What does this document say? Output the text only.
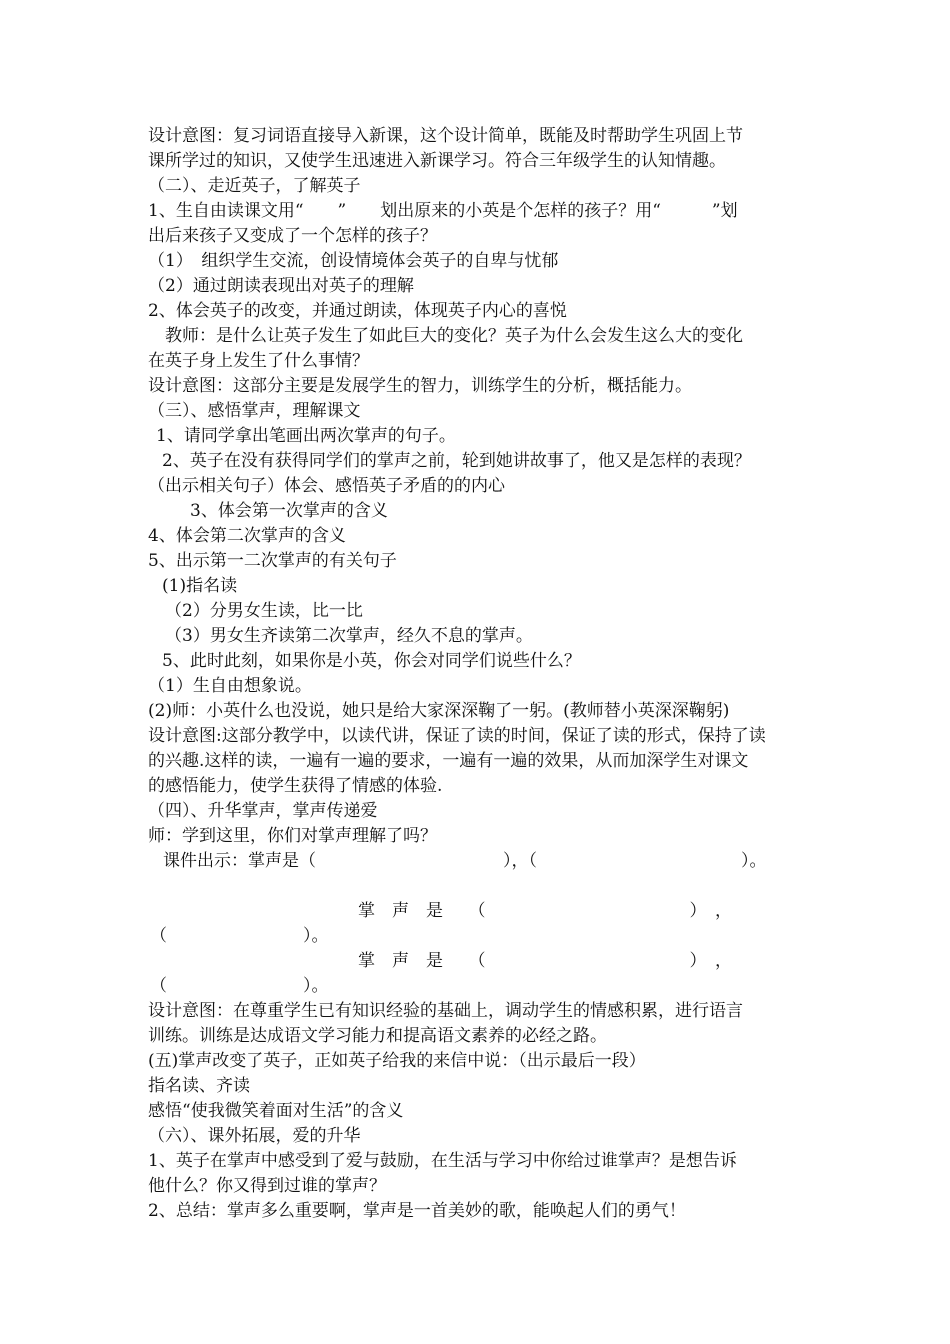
设计意图：复习词语直接导入新课，这个设计简单，既能及时帮助学生巩固上节
课所学过的知识，又使学生迅速进入新课学习。符合三年级学生的认知情趣。
（二）、走近英子，了解英子
1、生自由读课文用“　　”　　划出原来的小英是个怎样的孩子？用“　　　”划
出后来孩子又变成了一个怎样的孩子？
（1）　组织学生交流，创设情境体会英子的自卑与忧郁
（2）通过朗读表现出对英子的理解
2、体会英子的改变，并通过朗读，体现英子内心的喜悦
教师：是什么让英子发生了如此巨大的变化？英子为什么会发生这么大的变化
在英子身上发生了什么事情？
设计意图：这部分主要是发展学生的智力，训练学生的分析，概括能力。
（三）、感悟掌声，理解课文
1、请同学拿出笔画出两次掌声的句子。
2、英子在没有获得同学们的掌声之前，轮到她讲故事了，他又是怎样的表现？
（出示相关句子）体会、感悟英子矛盾的的内心
3、体会第一次掌声的含义
4、体会第二次掌声的含义
5、出示第一二次掌声的有关句子
(1)指名读
（2）分男女生读，比一比
（3）男女生齐读第二次掌声，经久不息的掌声。
5、此时此刻，如果你是小英，你会对同学们说些什么？
（1）生自由想象说。
(2)师：小英什么也没说，她只是给大家深深鞠了一躬。(教师替小英深深鞠躬)
设计意图:这部分教学中，以读代讲，保证了读的时间，保证了读的形式，保持了读
的兴趣.这样的读，一遍有一遍的要求，一遍有一遍的效果，从而加深学生对课文
的感悟能力，使学生获得了情感的体验.
（四）、升华掌声，掌声传递爱
师：学到这里，你们对掌声理解了吗？
课件出示：掌声是（　　　　　　　　　　　），（　　　　　　　　　　　　）。
掌　声　是　　（　　　　　　　　　　　　）　，
（　　　　　　　　）。
掌　声　是　　（　　　　　　　　　　　　）　，
（　　　　　　　　）。
设计意图：在尊重学生已有知识经验的基础上，调动学生的情感积累，进行语言
训练。训练是达成语文学习能力和提高语文素养的必经之路。
(五)掌声改变了英子，正如英子给我的来信中说：（出示最后一段）
指名读、齐读
感悟“使我微笑着面对生活”的含义
（六）、课外拓展，爱的升华
1、英子在掌声中感受到了爱与鼓励，在生活与学习中你给过谁掌声？是想告诉
他什么？你又得到过谁的掌声？
2、总结：掌声多么重要啊，掌声是一首美妙的歌，能唤起人们的勇气！
